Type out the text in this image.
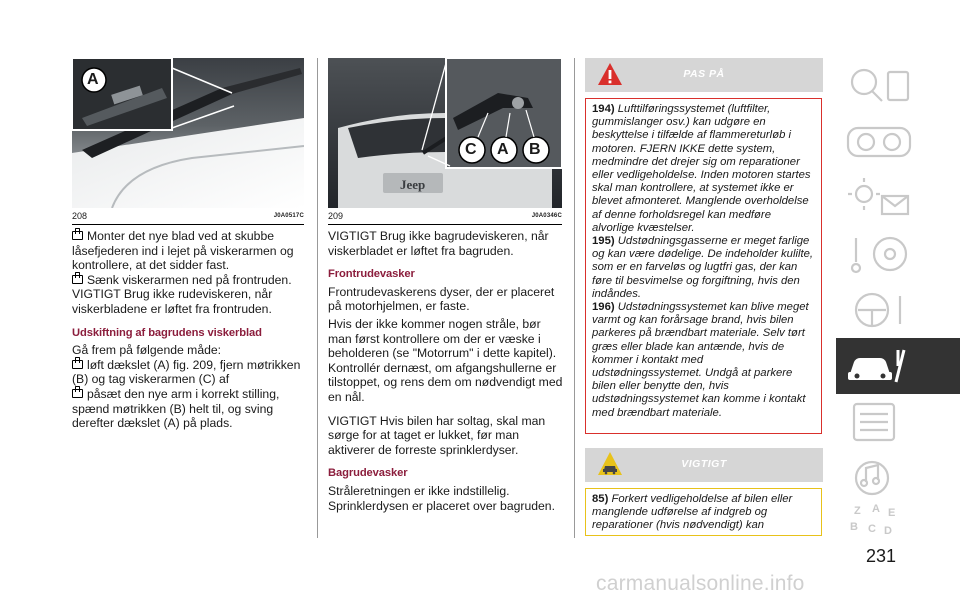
A
208	J0A0517C
C A B
Jeep
209	J0A0346C

Monter det nye blad ved at skubbe låsefjederen ind i lejet på viskerarmen og kontrollere, at det sidder fast.

Sænk viskerarmen ned på frontruden.

VIGTIGT Brug ikke rudeviskeren, når viskerbladene er løftet fra frontruden.

Udskiftning af bagrudens viskerblad

Gå frem på følgende måde:

løft dækslet (A) fig. 209, fjern møtrikken (B) og tag viskerarmen (C) af

påsæt den nye arm i korrekt stilling, spænd møtrikken (B) helt til, og sving derefter dækslet (A) på plads.

VIGTIGT Brug ikke bagrudeviskeren, når viskerbladet er løftet fra bagruden.

Frontrudevasker

Frontrudevaskerens dyser, der er placeret på motorhjelmen, er faste.

Hvis der ikke kommer nogen stråle, bør man først kontrollere om der er væske i beholderen (se "Motorrum" i dette kapitel). Kontrollér dernæst, om afgangshullerne er tilstoppet, og rens dem om nødvendigt med en nål.

VIGTIGT Hvis bilen har soltag, skal man sørge for at taget er lukket, før man aktiverer de forreste sprinklerdyser.

Bagrudevasker

Stråleretningen er ikke indstillelig. Sprinklerdysen er placeret over bagruden.

PAS PÅ

194) Lufttilføringssystemet (luftfilter, gummislanger osv.) kan udgøre en beskyttelse i tilfælde af flammereturløb i motoren. FJERN IKKE dette system, medmindre det drejer sig om reparationer eller vedligeholdelse. Inden motoren startes skal man kontrollere, at systemet ikke er blevet afmonteret. Manglende overholdelse af denne forholdsregel kan medføre alvorlige kvæstelser.

195) Udstødningsgasserne er meget farlige og kan være dødelige. De indeholder kulilte, som er en farveløs og lugtfri gas, der kan føre til besvimelse og forgiftning, hvis den indåndes.

196) Udstødningssystemet kan blive meget varmt og kan forårsage brand, hvis bilen parkeres på brændbart materiale. Selv tørt græs eller blade kan antænde, hvis de kommer i kontakt med udstødningssystemet. Undgå at parkere bilen eller benytte den, hvis udstødningssystemet kan komme i kontakt med brændbart materiale.

VIGTIGT

85) Forkert vedligeholdelse af bilen eller manglende udførelse af indgreb og reparationer (hvis nødvendigt) kan

Z A E
B C D
231
carmanualsonline.info
